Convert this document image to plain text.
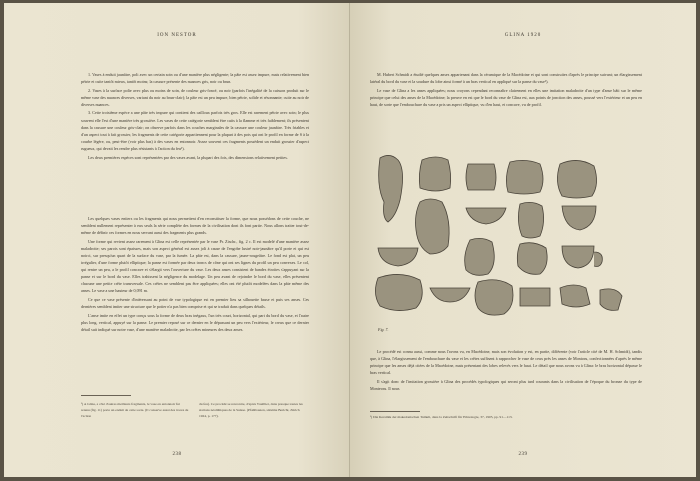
ION NESTOR

1. Vases à enduit jaunâtre, poli avec un certain soin ou d'une manière plus négligente; la pâte est assez impure, mais relativement bien pétrie et cuite tantôt mieux, tantôt moins; la cassure présente des nuances gris, noir ou brun.

2. Vases à la surface polie avec plus ou moins de soin, de couleur gris-foncé, ou noir (parfois l'inégalité de la cuisson produit sur le même vase des nuances diverses, variant du noir au brun-clair); la pâte est un peu impure, bien pétrie, solide et résonnante; cuite au noir de diverses nuances.

3. Cette troisième espèce a une pâte très impure qui contient des cailloux parfois très gros. Elle est rarement pétrie avec soin; le plus souvent elle l'est d'une manière très grossière. Les vases de cette catégorie semblent être cuits à la flamme et très faiblement; ils présentent dans la cassure une couleur gris-clair; on observe parfois dans les couches marginales de la cassure une couleur jaunâtre. Très friables et d'un aspect tout à fait grossier, les fragments de cette catégorie appartiennent pour la plupart à des pots qui ont le profil en forme de S à la courbe légère, ou, peut-être (voir plus bas) à des vases en entonnoir. Assez souvent ces fragments possèdent un enduit grossier d'aspect rugueux, qui devait les rendre plus résistants à l'action du feu¹).

Les deux premières espèces sont représentées par des vases avant, la plupart des fois, des dimensions relativement petites.

Les quelques vases entiers ou les fragments qui nous permettent d'en reconstituer la forme, que nous possédons de cette couche, ne semblent nullement représenter à eux seuls la série complète des formes de la civilisation dont ils font partie. Nous allons traiter tout-de-même de définir ces formes en nous servant aussi des fragments plus grands.

Une forme qui revient assez rarement à Glina est celle représentée par le vase Pr. Zischr., fig. 2 c. Il est modelé d'une manière assez maladroite; ses parois sont épaisses, mais son aspect général est assez joli à cause de l'engobe lustré noir-jaunâtre qu'il porte et qui est noirci, sur presqu'un quart de la surface du vase, par la fumée. La pâte est, dans la cassure, jaune-rougeâtre. Le fond est plat, un peu irrégulier, d'une forme plutôt elliptique; la panse est formée par deux troncs de cône qui ont ses lignes du profil un peu convexes. Le col, qui rentre un peu, a le profil concave et s'élargit vers l'ouverture du vase. Les deux anses consistent de bandes étroites s'appuyant sur la panse et sur le bord du vase. Elles trahissent la négligence du modelage. Un peu avant de rejoindre le bord du vase, elles présentent chacune une petite crête transversale. Ces crêtes ne semblent pas être appliquées; elles ont été plutôt modelées dans la pâte même des anses. Le vase a une hauteur de 0,091 m.

Ce que ce vase présente d'intéressant au point de vue typologique est en premier lieu sa silhouette basse et puis ses anses. Ces dernières semblent imiter une structure que le potier n'a pas bien comprise et qui se traduit dans quelques détails.

L'anse imite en effet un type conçu sous la forme de deux bras inégaux, l'un très court, horizontal, qui part du bord du vase, et l'autre plus long, vertical, appuyé sur la panse. Le premier reposé sur ce dernier en le dépassant un peu vers l'extérieur, le creux que ce dernier détail suit indiqué sur notre vase, d'une manière maladroite, par les crêtes mineures des deux anses.

¹) A Glina, a côté d'autres meilleurs fragments, le vase en entonnoir fut retenu (fig. 11) porte un enduit de cette sorte. (Il conserve aussi des traces de l'action
du feu). Ce procédé se rencontre, d'après Vouillier, dans presque toutes les stations néolithiques de la Suisse. (Pfahlbauten, sixième Bericht, Zürich 1924, p. 177).
238
GLINA 1920

M. Hubert Schmidt a étudié quelques anses appartenant dans la céramique de la Macédoine et qui sont construites d'après le principe suivant; un élargissement latéral du bord du vase et la soudure du lobe ainsi formé à un bras vertical en appliqué sur la panse du vase¹).

Le vase de Glina a les anses appliquées; nous croyons cependant reconnaître clairement en elles une imitation maladroite d'un type d'anse bâti sur le même principe que celui des anses de la Macédoine; la preuve en est que le bord du vase de Glina est, aux points de jonction des anses, poussé vers l'extérieur et un peu en haut, de sorte que l'embouchure du vase a pris un aspect elliptique, vu d'en haut, et concave, vu de profil.

Fig. 7.

Le procédé est connu aussi, comme nous l'avons vu, en Macédoine, mais son évolution y est, en partie, différente (voir l'article cité de M. H. Schmidt), tandis que, à Glina, l'élargissement de l'embouchure du vase et les crêtes suffisent à rapprocher le vase de ceux près les anses de Montoru, confectionnées d'après le même principe que les anses déjà citées de la Macédoine, mais présentant des lobes relevés vers le haut. Le détail que nous avons vu à Glina: le bras horizontal dépasse le bras vertical.

Il s'agit donc de l'imitation grossière à Glina des procédés typologiques qui seront plus tard courants dans la civilisation de l'époque du bronze du type de Monteoru. Il nous

¹) Die Keramik der makedonischen Tumuli, dans la Zeitschrift für Ethnologie, 37, 1905, pp. 91—113.
239
